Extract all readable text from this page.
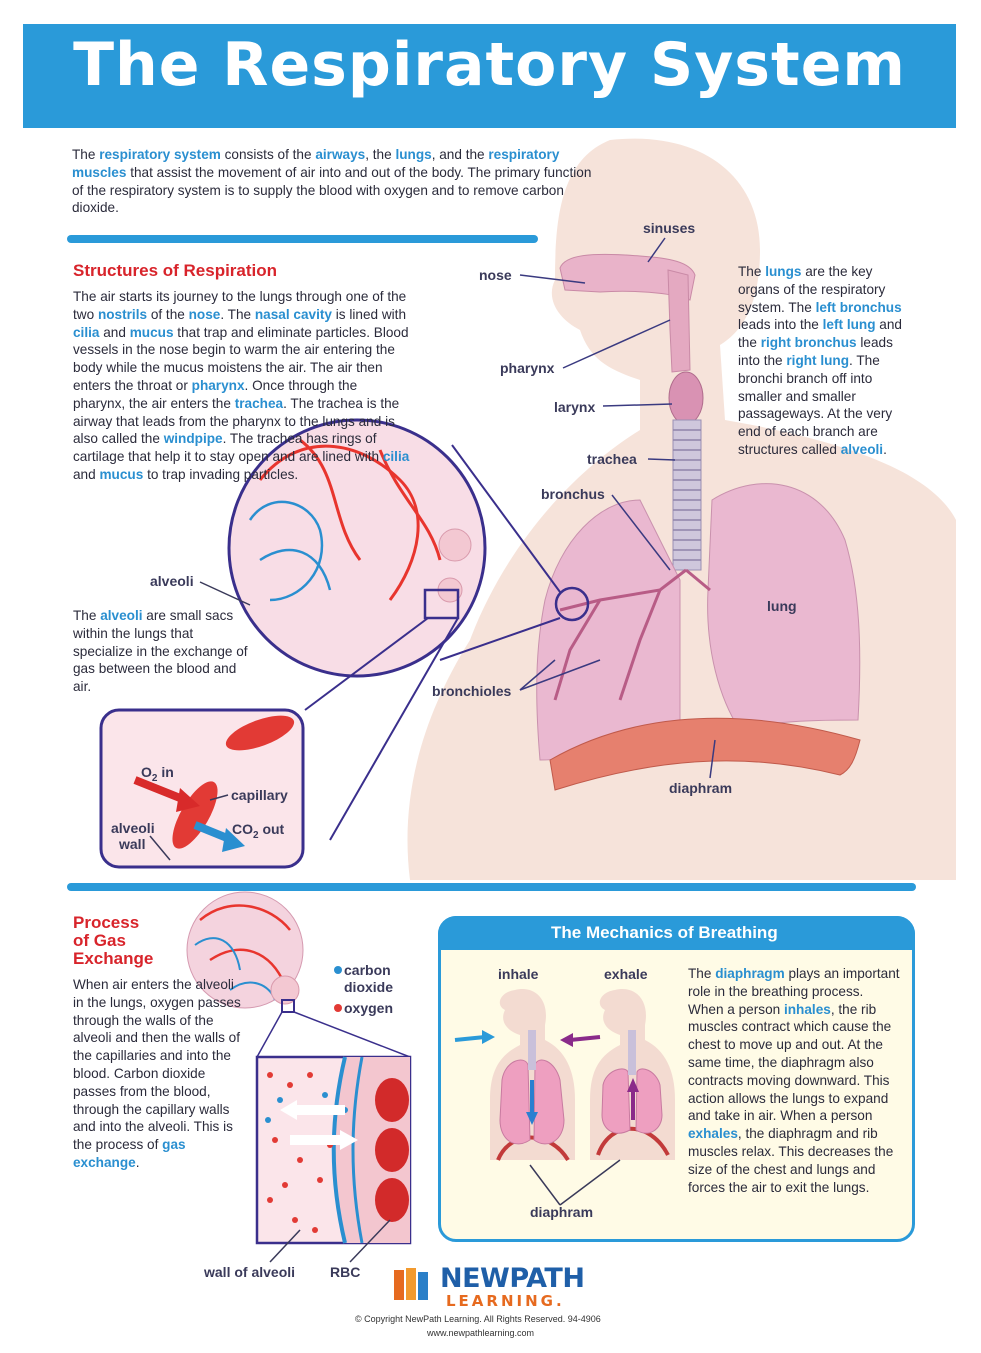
The Respiratory System
The respiratory system consists of the airways, the lungs, and the respiratory muscles that assist the movement of air into and out of the body. The primary function of the respiratory system is to supply the blood with oxygen and to remove carbon dioxide.
Structures of Respiration
The air starts its journey to the lungs through one of the two nostrils of the nose. The nasal cavity is lined with cilia and mucus that trap and eliminate particles. Blood vessels in the nose begin to warm the air entering the body while the mucus moistens the air. The air then enters the throat or pharynx. Once through the pharynx, the air enters the trachea. The trachea is the airway that leads from the pharynx to the lungs and is also called the windpipe. The trachea has rings of cartilage that help it to stay open and are lined with cilia and mucus to trap invading particles.
alveoli
The alveoli are small sacs within the lungs that specialize in the exchange of gas between the blood and air.
$O_2$ in
capillary
alveoli
wall
$CO_2$ out
sinuses
nose
pharynx
larynx
trachea
bronchus
lung
bronchioles
diaphram
The lungs are the key organs of the respiratory system. The left bronchus leads into the left lung and the right bronchus leads into the right lung. The bronchi branch off into smaller and smaller passageways. At the very end of each branch are structures called alveoli.
Process
of Gas
Exchange
When air enters the alveoli in the lungs, oxygen passes through the walls of the alveoli and then the walls of the capillaries and into the blood. Carbon dioxide passes from the blood, through the capillary walls and into the alveoli. This is the process of gas exchange.
carbon dioxide
oxygen
wall of alveoli RBC
The Mechanics of Breathing
inhale	exhale
diaphram
The diaphragm plays an important role in the breathing process. When a person inhales, the rib muscles contract which cause the chest to move up and out. At the same time, the diaphragm also contracts moving downward. This action allows the lungs to expand and take in air. When a person exhales, the diaphragm and rib muscles relax. This decreases the size of the chest and lungs and forces the air to exit the lungs.
NEWPATH
LEARNING.
© Copyright NewPath Learning. All Rights Reserved. 94-4906
www.newpathlearning.com
